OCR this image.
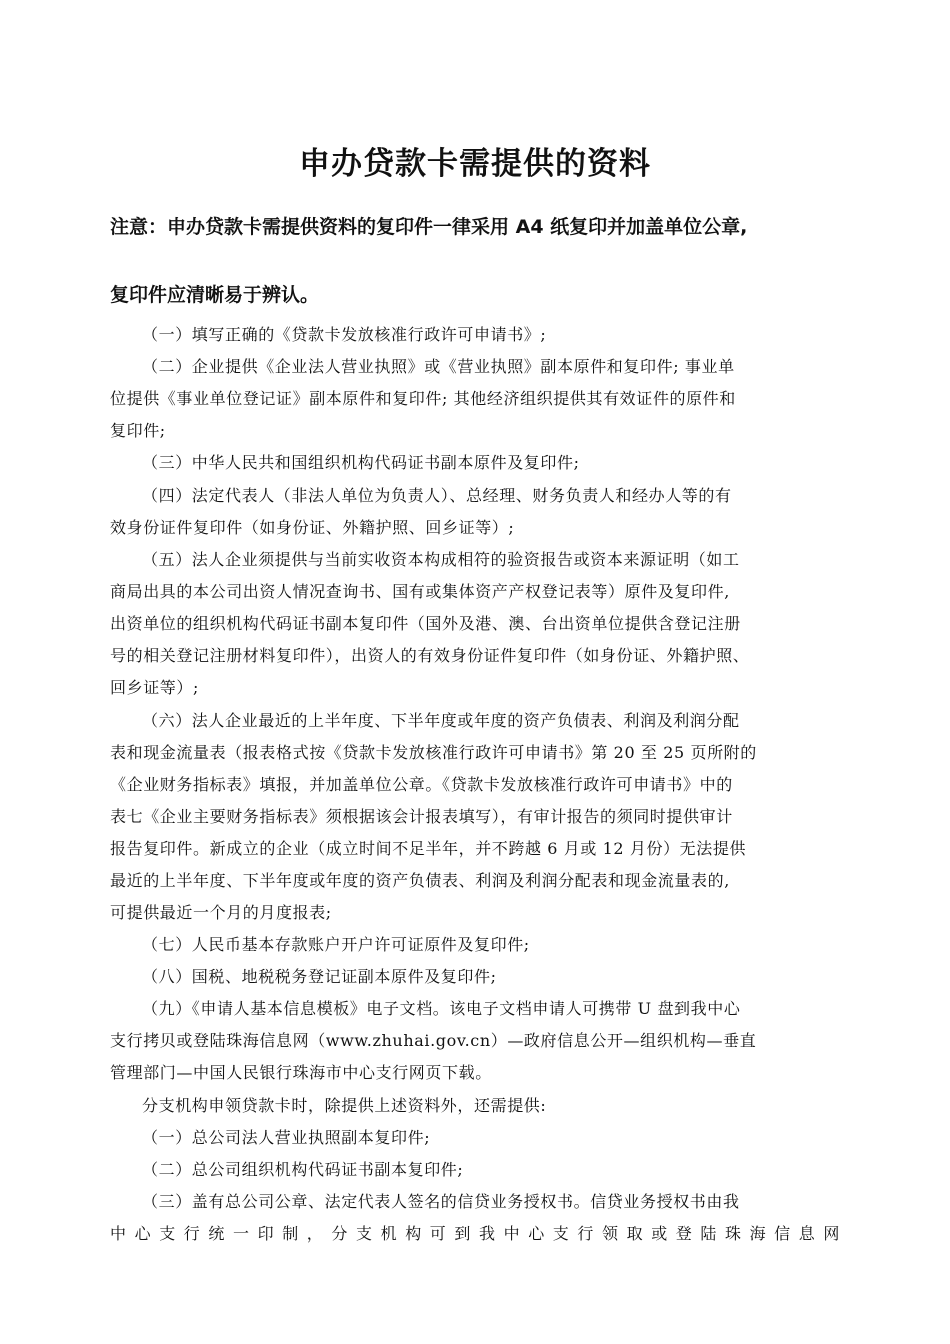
申办贷款卡需提供的资料
注意：申办贷款卡需提供资料的复印件一律采用 A4 纸复印并加盖单位公章,
复印件应清晰易于辨认。
（一）填写正确的《贷款卡发放核准行政许可申请书》;
（二）企业提供《企业法人营业执照》或《营业执照》副本原件和复印件; 事业单
位提供《事业单位登记证》副本原件和复印件; 其他经济组织提供其有效证件的原件和
复印件;
（三）中华人民共和国组织机构代码证书副本原件及复印件;
（四）法定代表人（非法人单位为负责人）、总经理、财务负责人和经办人等的有
效身份证件复印件（如身份证、外籍护照、回乡证等）;
（五）法人企业须提供与当前实收资本构成相符的验资报告或资本来源证明（如工
商局出具的本公司出资人情况查询书、国有或集体资产产权登记表等）原件及复印件,
出资单位的组织机构代码证书副本复印件（国外及港、澳、台出资单位提供含登记注册
号的相关登记注册材料复印件），出资人的有效身份证件复印件（如身份证、外籍护照、
回乡证等）;
（六）法人企业最近的上半年度、下半年度或年度的资产负债表、利润及利润分配
表和现金流量表（报表格式按《贷款卡发放核准行政许可申请书》第 20 至 25 页所附的
《企业财务指标表》填报，并加盖单位公章。《贷款卡发放核准行政许可申请书》中的
表七《企业主要财务指标表》须根据该会计报表填写），有审计报告的须同时提供审计
报告复印件。新成立的企业（成立时间不足半年，并不跨越 6 月或 12 月份）无法提供
最近的上半年度、下半年度或年度的资产负债表、利润及利润分配表和现金流量表的,
可提供最近一个月的月度报表;
（七）人民币基本存款账户开户许可证原件及复印件;
（八）国税、地税税务登记证副本原件及复印件;
（九）《申请人基本信息模板》电子文档。该电子文档申请人可携带 U 盘到我中心
支行拷贝或登陆珠海信息网（www.zhuhai.gov.cn）—政府信息公开—组织机构—垂直
管理部门—中国人民银行珠海市中心支行网页下载。
分支机构申领贷款卡时，除提供上述资料外，还需提供:
（一）总公司法人营业执照副本复印件;
（二）总公司组织机构代码证书副本复印件;
（三）盖有总公司公章、法定代表人签名的信贷业务授权书。信贷业务授权书由我
中心支行统一印制，分支机构可到我中心支行领取或登陆珠海信息网
